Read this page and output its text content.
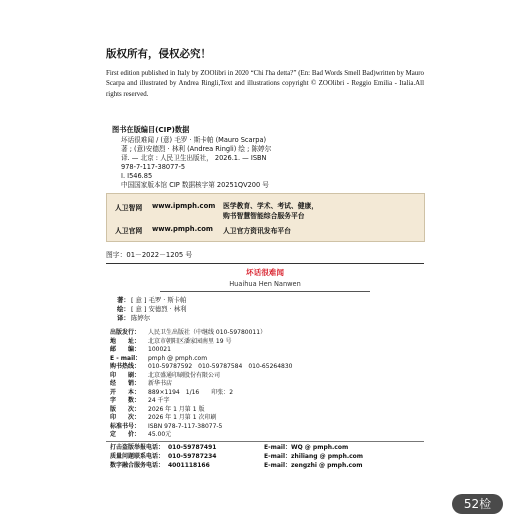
版权所有，侵权必究！
First edition published in Italy by ZOOlibri in 2020 “Chi l'ha detta?” (En: Bad Words Smell Bad)written by Mauro Scarpa and illustrated by Andrea Ringli,Text and illustrations copyright © ZOOlibri - Reggio Emilia - Italia.All rights reserved.
图书在版编目(CIP)数据
坏话很难闻 / (意) 毛罗 · 斯卡帕 (Mauro Scarpa)
著 ; (意)安德烈 · 林利 (Andrea Ringli) 绘 ; 陈婷尔
译. — 北京 : 人民卫生出版社， 2026.1. — ISBN
978-7-117-38077-5
Ⅰ. I546.85
中国国家版本馆 CIP 数据核字第 20251QV200 号
人卫智网 www.ipmph.com 医学教育、学术、考试、健康，
购书智慧智能综合服务平台
人卫官网 www.pmph.com 人卫官方资讯发布平台
图字：01－2022－1205 号
坏话很难闻
Huaihua Hen Nanwen
著： [ 意 ] 毛罗 · 斯卡帕
绘： [ 意 ] 安德烈 · 林利
译： 陈婷尔
出版发行： 人民卫生出版社（中继线 010-59780011）
地　　址： 北京市朝阳区潘家园南里 19 号
邮　　编： 100021
E - mail： pmph @ pmph.com
购书热线： 010-59787592　010-59787584　010-65264830
印　　刷： 北京盛通印刷股份有限公司
经　　销： 新华书店
开　　本： 889×1194　1/16　　印张：2
字　　数： 24 千字
版　　次： 2026 年 1 月第 1 版
印　　次： 2026 年 1 月第 1 次印刷
标准书号： ISBN 978-7-117-38077-5
定　　价： 45.00元
打击盗版举报电话： 010-59787491	E-mail：WQ @ pmph.com
质量问题联系电话： 010-59787234	E-mail：zhiliang @ pmph.com
数字融合服务电话： 4001118166	E-mail：zengzhi @ pmph.com
52检
